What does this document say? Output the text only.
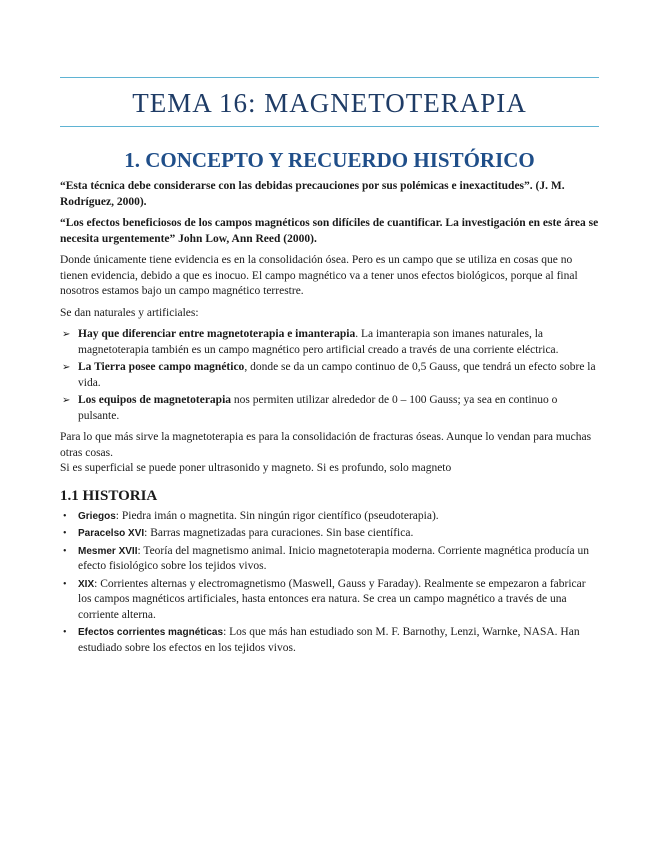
TEMA 16: MAGNETOTERAPIA
1. CONCEPTO Y RECUERDO HISTÓRICO

“Esta técnica debe considerarse con las debidas precauciones por sus polémicas e inexactitudes”. (J. M. Rodríguez, 2000).

“Los efectos beneficiosos de los campos magnéticos son difíciles de cuantificar. La investigación en este área se necesita urgentemente” John Low, Ann Reed (2000).

Donde únicamente tiene evidencia es en la consolidación ósea. Pero es un campo que se utiliza en cosas que no tienen evidencia, debido a que es inocuo. El campo magnético va a tener unos efectos biológicos, porque al final nosotros estamos bajo un campo magnético terrestre.

Se dan naturales y artificiales:

➢ Hay que diferenciar entre magnetoterapia e imanterapia. La imanterapia son imanes naturales, la magnetoterapia también es un campo magnético pero artificial creado a través de una corriente eléctrica.
➢ La Tierra posee campo magnético, donde se da un campo continuo de 0,5 Gauss, que tendrá un efecto sobre la vida.
➢ Los equipos de magnetoterapia nos permiten utilizar alrededor de 0 – 100 Gauss; ya sea en continuo o pulsante.

Para lo que más sirve la magnetoterapia es para la consolidación de fracturas óseas. Aunque lo vendan para muchas otras cosas.

Si es superficial se puede poner ultrasonido y magneto. Si es profundo, solo magneto

1.1 HISTORIA
• Griegos: Piedra imán o magnetita. Sin ningún rigor científico (pseudoterapia).
• Paracelso XVI: Barras magnetizadas para curaciones. Sin base científica.
• Mesmer XVII: Teoría del magnetismo animal. Inicio magnetoterapia moderna. Corriente magnética producía un efecto fisiológico sobre los tejidos vivos.
• XIX: Corrientes alternas y electromagnetismo (Maswell, Gauss y Faraday). Realmente se empezaron a fabricar los campos magnéticos artificiales, hasta entonces era natura. Se crea un campo magnético a través de una corriente alterna.
• Efectos corrientes magnéticas: Los que más han estudiado son M. F. Barnothy, Lenzi, Warnke, NASA. Han estudiado sobre los efectos en los tejidos vivos.
